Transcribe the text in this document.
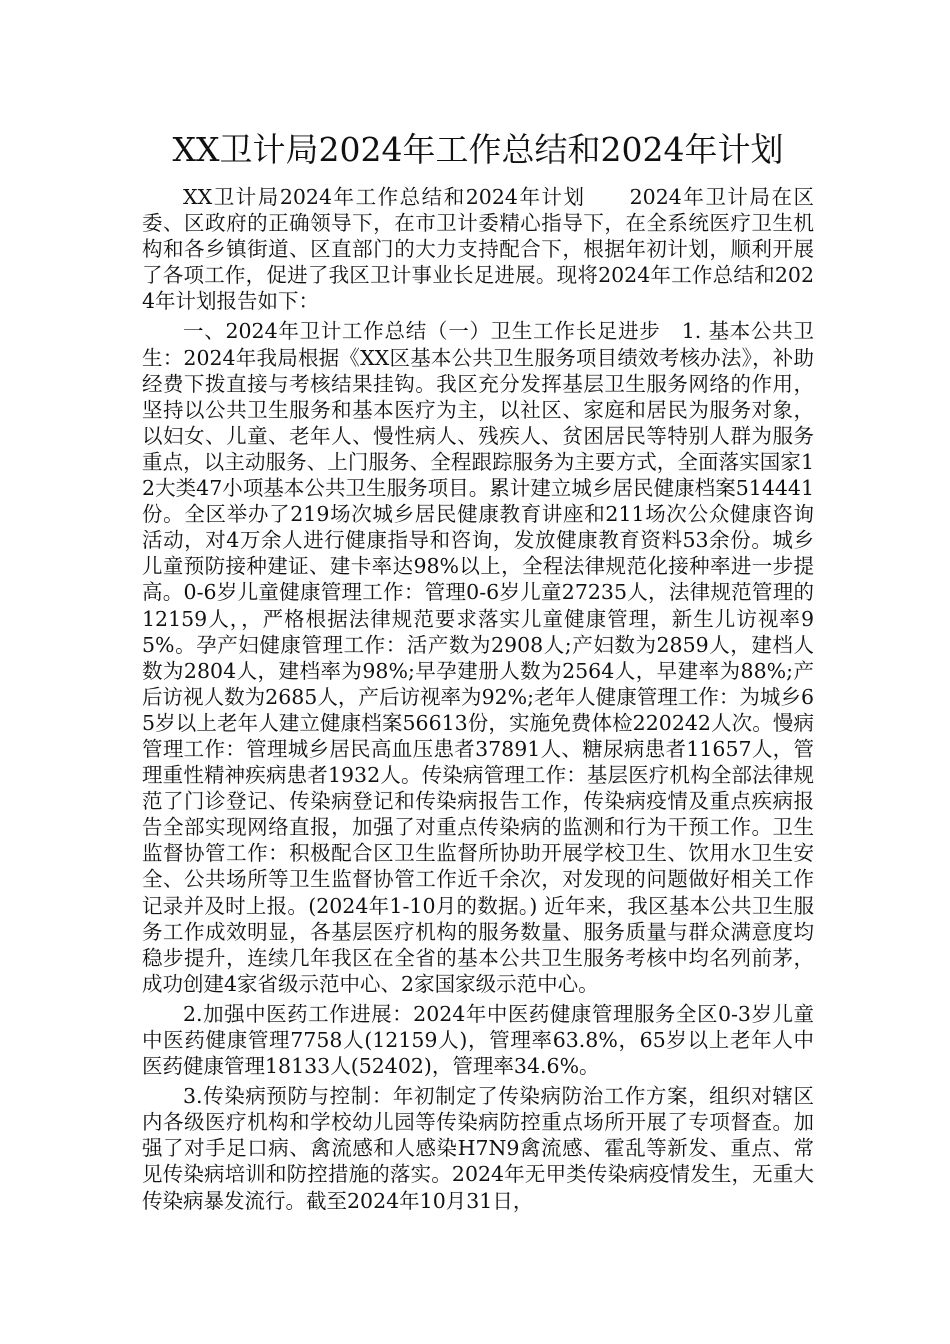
XX卫计局2024年工作总结和2024年计划

XX卫计局2024年工作总结和2024年计划　　2024年卫计局在区委、区政府的正确领导下，在市卫计委精心指导下，在全系统医疗卫生机构和各乡镇街道、区直部门的大力支持配合下，根据年初计划，顺利开展了各项工作，促进了我区卫计事业长足进展。现将2024年工作总结和2024年计划报告如下：

一、2024年卫计工作总结（一）卫生工作长足进步　1. 基本公共卫生：2024年我局根据《XX区基本公共卫生服务项目绩效考核办法》，补助经费下拨直接与考核结果挂钩。我区充分发挥基层卫生服务网络的作用，坚持以公共卫生服务和基本医疗为主，以社区、家庭和居民为服务对象，以妇女、儿童、老年人、慢性病人、残疾人、贫困居民等特别人群为服务重点，以主动服务、上门服务、全程跟踪服务为主要方式，全面落实国家12大类47小项基本公共卫生服务项目。累计建立城乡居民健康档案514441份。全区举办了219场次城乡居民健康教育讲座和211场次公众健康咨询活动，对4万余人进行健康指导和咨询，发放健康教育资料53余份。城乡儿童预防接种建证、建卡率达98%以上，全程法律规范化接种率进一步提高。0-6岁儿童健康管理工作：管理0-6岁儿童27235人，法律规范管理的12159人，，严格根据法律规范要求落实儿童健康管理，新生儿访视率95%。孕产妇健康管理工作：活产数为2908人;产妇数为2859人，建档人数为2804人，建档率为98%;早孕建册人数为2564人，早建率为88%;产后访视人数为2685人，产后访视率为92%;老年人健康管理工作：为城乡65岁以上老年人建立健康档案56613份，实施免费体检220242人次。慢病管理工作：管理城乡居民高血压患者37891人、糖尿病患者11657人，管理重性精神疾病患者1932人。传染病管理工作：基层医疗机构全部法律规范了门诊登记、传染病登记和传染病报告工作，传染病疫情及重点疾病报告全部实现网络直报，加强了对重点传染病的监测和行为干预工作。卫生监督协管工作：积极配合区卫生监督所协助开展学校卫生、饮用水卫生安全、公共场所等卫生监督协管工作近千余次，对发现的问题做好相关工作记录并及时上报。(2024年1-10月的数据。) 近年来，我区基本公共卫生服务工作成效明显，各基层医疗机构的服务数量、服务质量与群众满意度均稳步提升，连续几年我区在全省的基本公共卫生服务考核中均名列前茅，成功创建4家省级示范中心、2家国家级示范中心。

2.加强中医药工作进展：2024年中医药健康管理服务全区0-3岁儿童中医药健康管理7758人(12159人)，管理率63.8%，65岁以上老年人中医药健康管理18133人(52402)，管理率34.6%。

3.传染病预防与控制：年初制定了传染病防治工作方案，组织对辖区内各级医疗机构和学校幼儿园等传染病防控重点场所开展了专项督查。加强了对手足口病、禽流感和人感染H7N9禽流感、霍乱等新发、重点、常见传染病培训和防控措施的落实。2024年无甲类传染病疫情发生，无重大传染病暴发流行。截至2024年10月31日，
